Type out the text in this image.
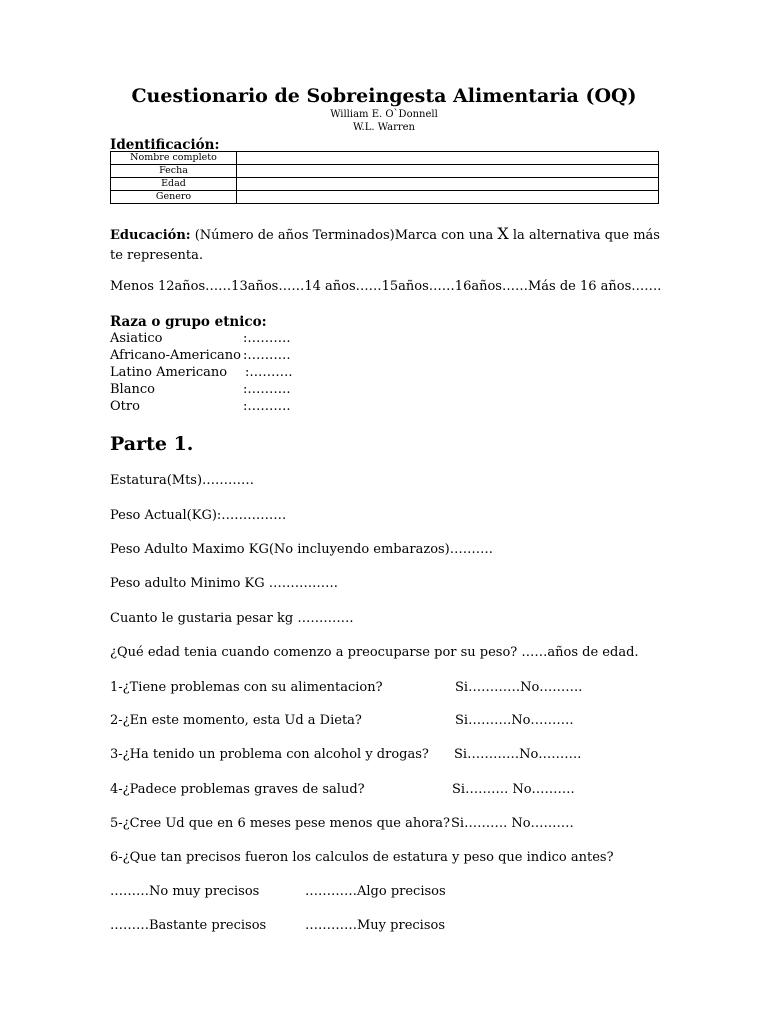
Cuestionario de Sobreingesta Alimentaria (OQ)
William E. O`Donnell
W.L. Warren
Identificación:
Nombre completo	
Fecha	
Edad	
Genero	
Educación: (Número de años Terminados)Marca con una X la alternativa que más te representa.
Menos 12años……13años……14 años……15años……16años……Más de 16 años…….
Raza o grupo etnico:
Asiatico	:……….
Africano-Americano :……….
Latino Americano :……….
Blanco	:……….
Otro	:……….
Parte 1.
Estatura(Mts)…………
Peso Actual(KG):……………
Peso Adulto Maximo KG(No incluyendo embarazos)……….
Peso adulto Minimo KG …………….
Cuanto le gustaria pesar kg ………….
¿Qué edad tenia cuando comenzo a preocuparse por su peso? ……años de edad.
1-¿Tiene problemas con su alimentacion?	Si…………No……….
2-¿En este momento, esta Ud a Dieta?	Si……….No……….
3-¿Ha tenido un problema con alcohol y drogas? Si…………No……….
4-¿Padece problemas graves de salud?	Si………. No……….
5-¿Cree Ud que en 6 meses pese menos que ahora? Si………. No……….
6-¿Que tan precisos fueron los calculos de estatura y peso que indico antes?
………No muy precisos	…………Algo precisos
………Bastante precisos	…………Muy precisos
